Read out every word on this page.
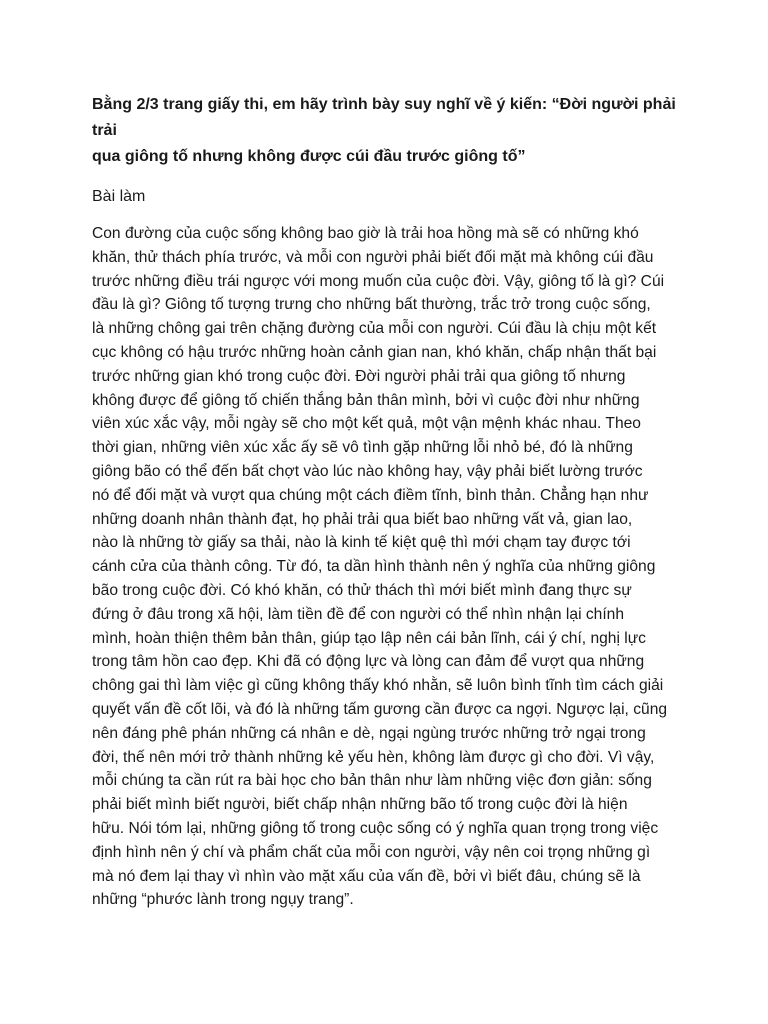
Bằng 2/3 trang giấy thi, em hãy trình bày suy nghĩ về ý kiến: “Đời người phải trải
qua giông tố nhưng không được cúi đầu trước giông tố”

Bài làm

Con đường của cuộc sống không bao giờ là trải hoa hồng mà sẽ có những khó
khăn, thử thách phía trước, và mỗi con người phải biết đối mặt mà không cúi đầu
trước những điều trái ngược với mong muốn của cuộc đời. Vậy, giông tố là gì? Cúi
đầu là gì? Giông tố tượng trưng cho những bất thường, trắc trở trong cuộc sống,
là những chông gai trên chặng đường của mỗi con người. Cúi đầu là chịu một kết
cục không có hậu trước những hoàn cảnh gian nan, khó khăn, chấp nhận thất bại
trước những gian khó trong cuộc đời. Đời người phải trải qua giông tố nhưng
không được để giông tố chiến thắng bản thân mình, bởi vì cuộc đời như những
viên xúc xắc vậy, mỗi ngày sẽ cho một kết quả, một vận mệnh khác nhau. Theo
thời gian, những viên xúc xắc ấy sẽ vô tình gặp những lỗi nhỏ bé, đó là những
giông bão có thể đến bất chợt vào lúc nào không hay, vậy phải biết lường trước
nó để đối mặt và vượt qua chúng một cách điềm tĩnh, bình thản. Chẳng hạn như
những doanh nhân thành đạt, họ phải trải qua biết bao những vất vả, gian lao,
nào là những tờ giấy sa thải, nào là kinh tế kiệt quệ thì mới chạm tay được tới
cánh cửa của thành công. Từ đó, ta dần hình thành nên ý nghĩa của những giông
bão trong cuộc đời. Có khó khăn, có thử thách thì mới biết mình đang thực sự
đứng ở đâu trong xã hội, làm tiền đề để con người có thể nhìn nhận lại chính
mình, hoàn thiện thêm bản thân, giúp tạo lập nên cái bản lĩnh, cái ý chí, nghị lực
trong tâm hồn cao đẹp. Khi đã có động lực và lòng can đảm để vượt qua những
chông gai thì làm việc gì cũng không thấy khó nhằn, sẽ luôn bình tĩnh tìm cách giải
quyết vấn đề cốt lõi, và đó là những tấm gương cần được ca ngợi. Ngược lại, cũng
nên đáng phê phán những cá nhân e dè, ngại ngùng trước những trở ngại trong
đời, thế nên mới trở thành những kẻ yếu hèn, không làm được gì cho đời. Vì vậy,
mỗi chúng ta cần rút ra bài học cho bản thân như làm những việc đơn giản: sống
phải biết mình biết người, biết chấp nhận những bão tố trong cuộc đời là hiện
hữu. Nói tóm lại, những giông tố trong cuộc sống có ý nghĩa quan trọng trong việc
định hình nên ý chí và phẩm chất của mỗi con người, vậy nên coi trọng những gì
mà nó đem lại thay vì nhìn vào mặt xấu của vấn đề, bởi vì biết đâu, chúng sẽ là
những “phước lành trong ngụy trang”.
